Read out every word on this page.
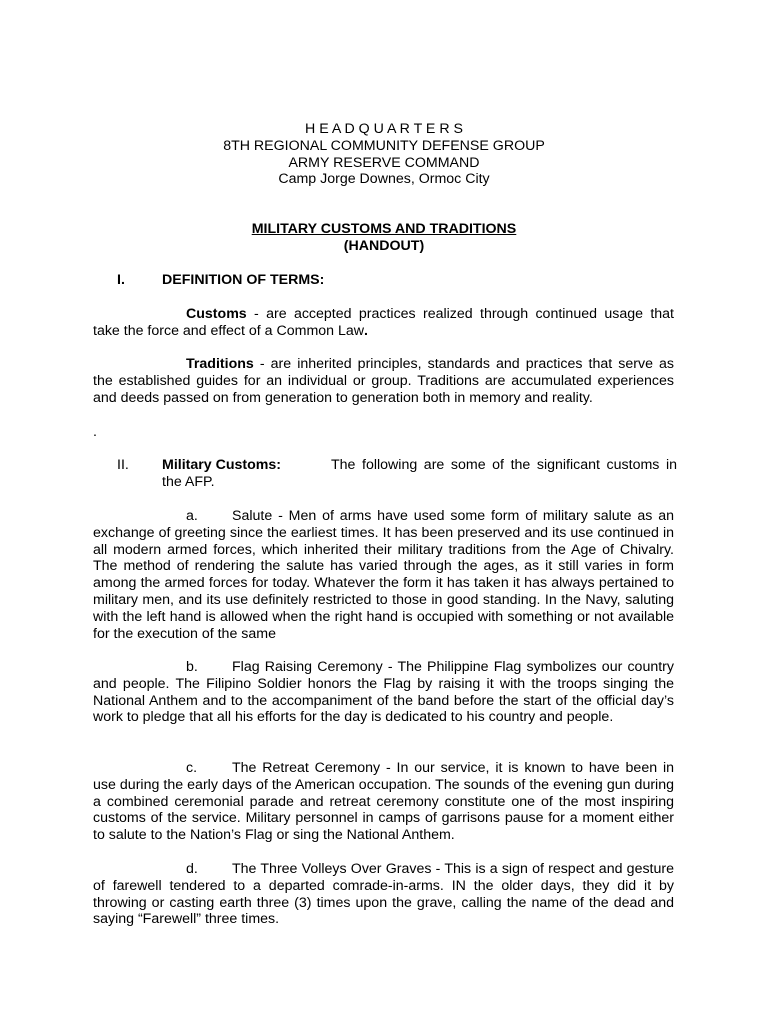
H E A D Q U A R T E R S
8TH REGIONAL COMMUNITY DEFENSE GROUP
ARMY RESERVE COMMAND
Camp Jorge Downes, Ormoc City
MILITARY CUSTOMS AND TRADITIONS
(HANDOUT)
I.	DEFINITION OF TERMS:
Customs - are accepted practices realized through continued usage that take the force and effect of a Common Law.
Traditions - are inherited principles, standards and practices that serve as the established guides for an individual or group. Traditions are accumulated experiences and deeds passed on from generation to generation both in memory and reality.
.
II. Military Customs:	The following are some of the significant customs in the AFP.
a. Salute - Men of arms have used some form of military salute as an exchange of greeting since the earliest times. It has been preserved and its use continued in all modern armed forces, which inherited their military traditions from the Age of Chivalry. The method of rendering the salute has varied through the ages, as it still varies in form among the armed forces for today. Whatever the form it has taken it has always pertained to military men, and its use definitely restricted to those in good standing. In the Navy, saluting with the left hand is allowed when the right hand is occupied with something or not available for the execution of the same
b. Flag Raising Ceremony - The Philippine Flag symbolizes our country and people. The Filipino Soldier honors the Flag by raising it with the troops singing the National Anthem and to the accompaniment of the band before the start of the official day’s work to pledge that all his efforts for the day is dedicated to his country and people.
c. The Retreat Ceremony - In our service, it is known to have been in use during the early days of the American occupation. The sounds of the evening gun during a combined ceremonial parade and retreat ceremony constitute one of the most inspiring customs of the service. Military personnel in camps of garrisons pause for a moment either to salute to the Nation’s Flag or sing the National Anthem.
d. The Three Volleys Over Graves - This is a sign of respect and gesture of farewell tendered to a departed comrade-in-arms. IN the older days, they did it by throwing or casting earth three (3) times upon the grave, calling the name of the dead and saying “Farewell” three times.
